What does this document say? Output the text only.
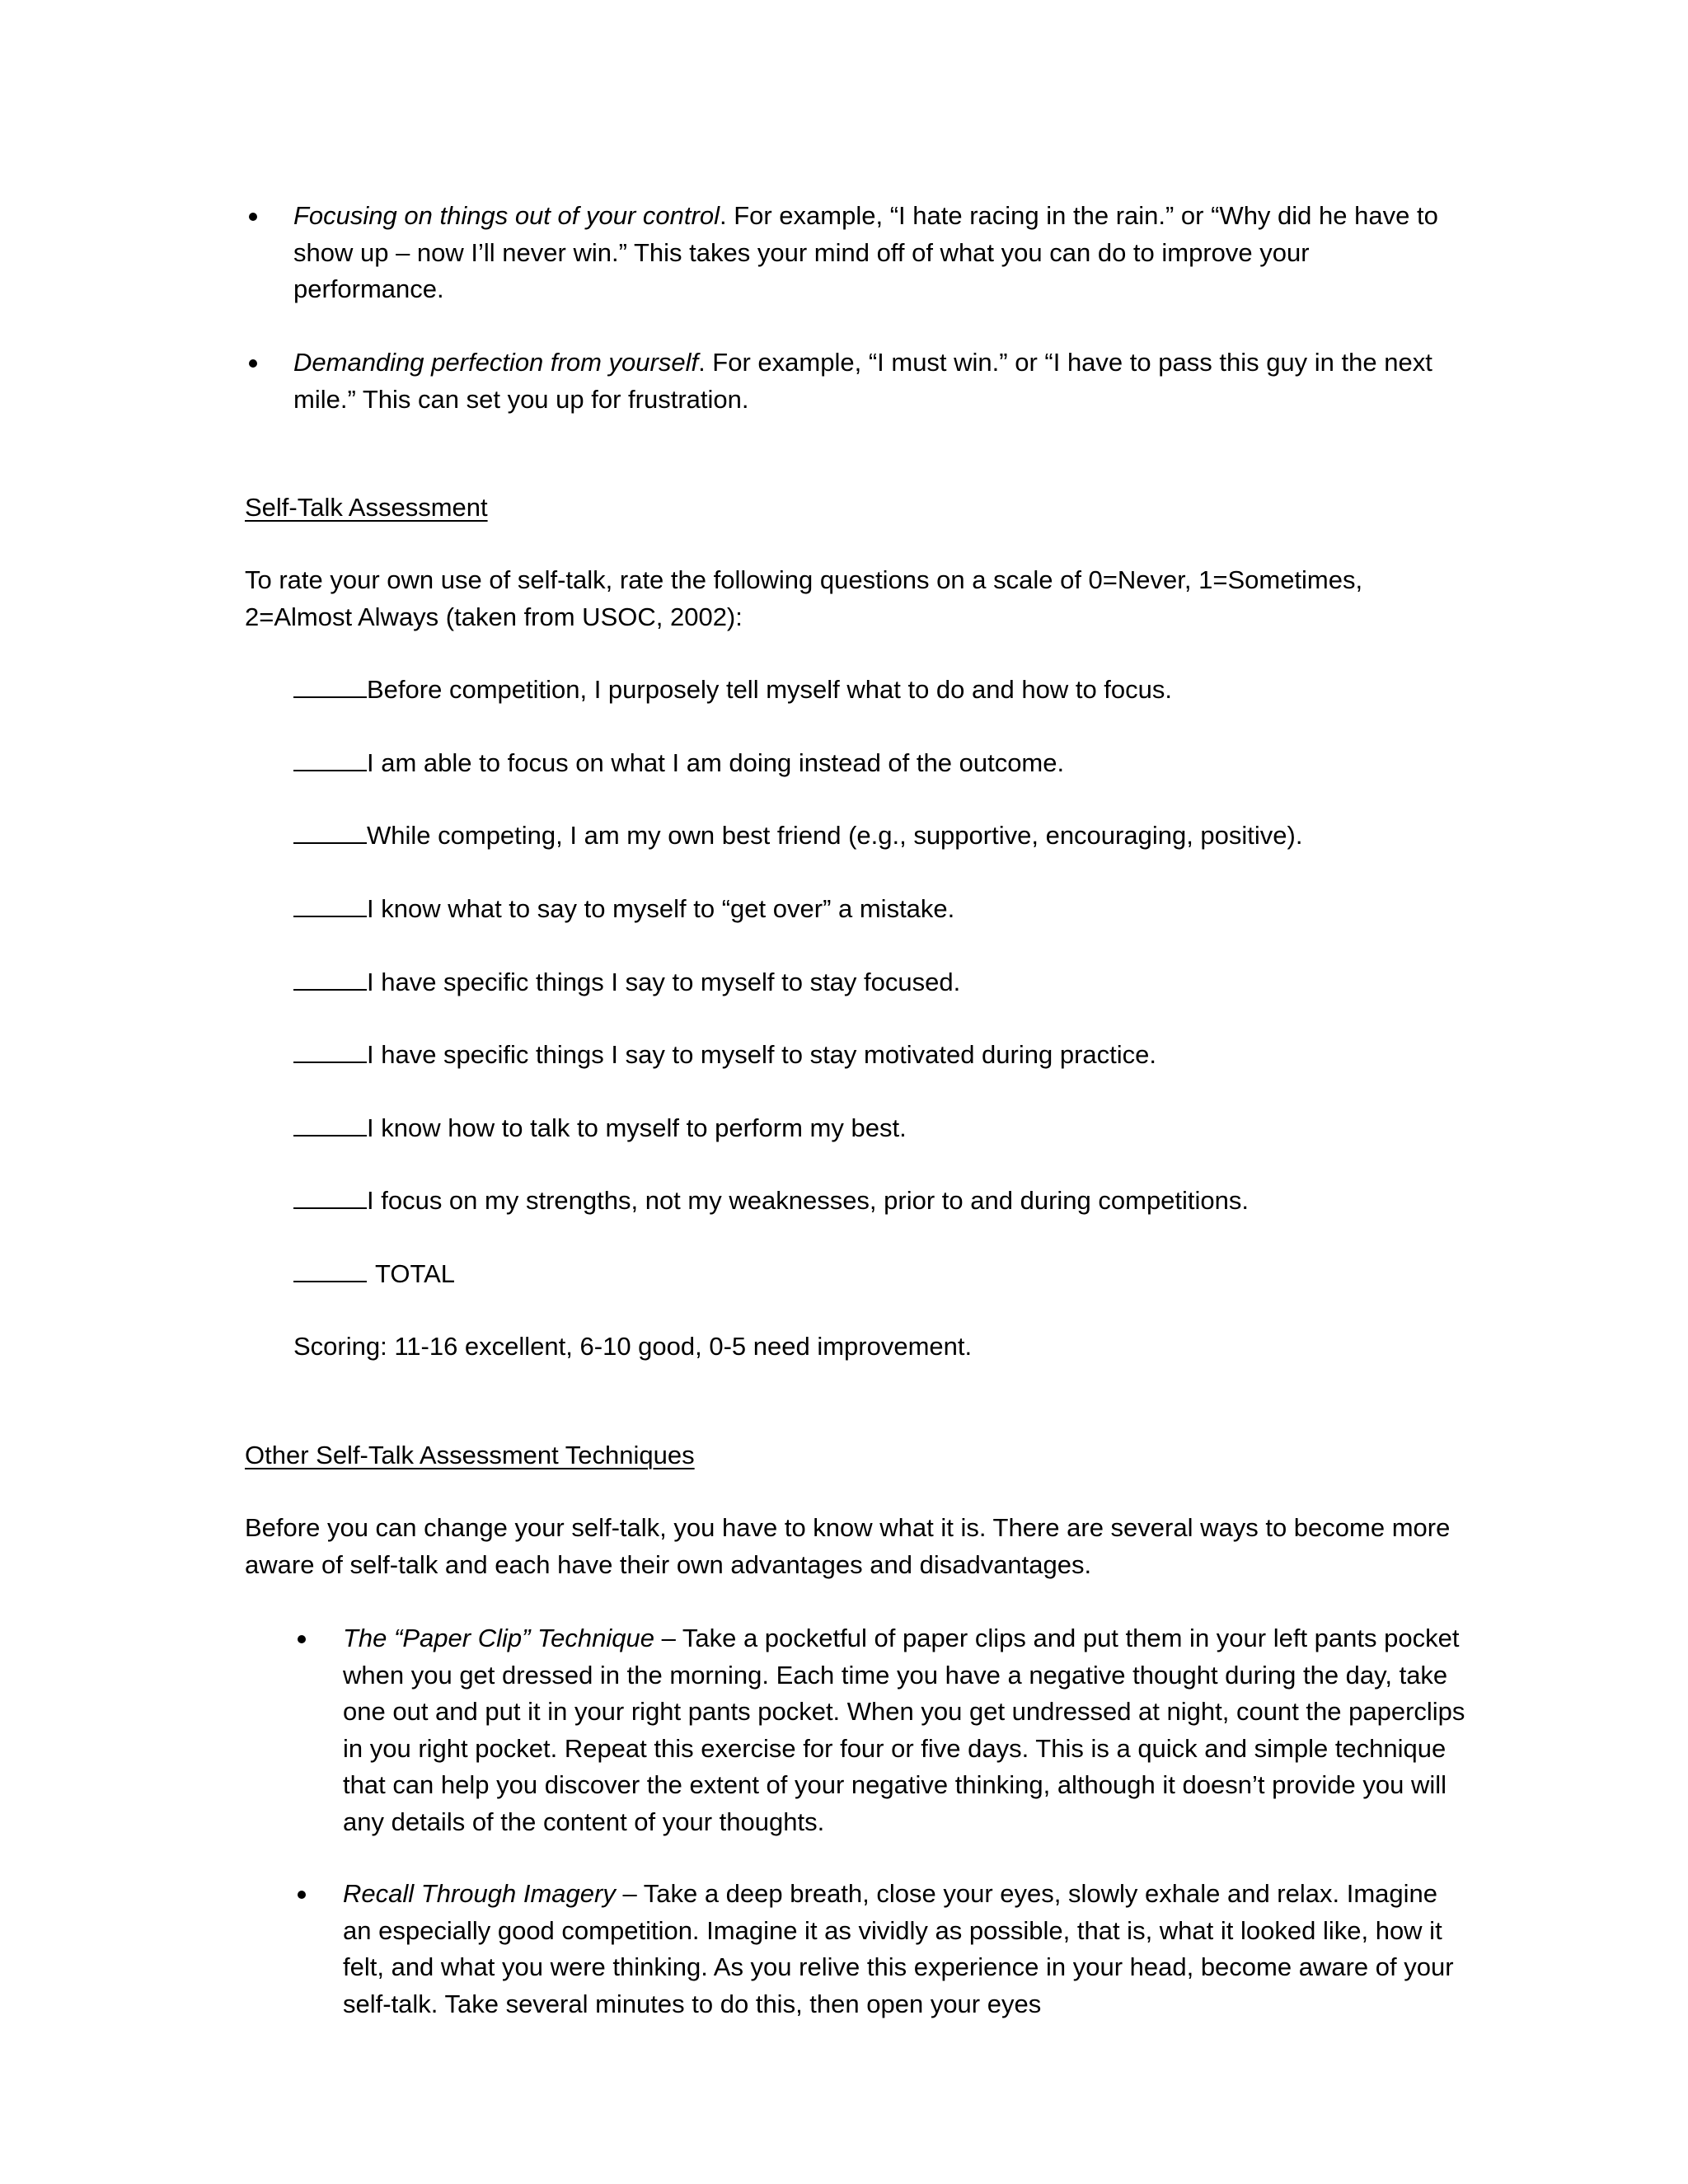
Focusing on things out of your control. For example, “I hate racing in the rain.” or “Why did he have to show up – now I’ll never win.” This takes your mind off of what you can do to improve your performance.

Demanding perfection from yourself. For example, “I must win.” or “I have to pass this guy in the next mile.” This can set you up for frustration.

Self-Talk Assessment

To rate your own use of self-talk, rate the following questions on a scale of 0=Never, 1=Sometimes, 2=Almost Always (taken from USOC, 2002):

Before competition, I purposely tell myself what to do and how to focus.
I am able to focus on what I am doing instead of the outcome.
While competing, I am my own best friend (e.g., supportive, encouraging, positive).
I know what to say to myself to “get over” a mistake.
I have specific things I say to myself to stay focused.
I have specific things I say to myself to stay motivated during practice.
I know how to talk to myself to perform my best.
I focus on my strengths, not my weaknesses, prior to and during competitions.
TOTAL

Scoring: 11-16 excellent, 6-10 good, 0-5 need improvement.

Other Self-Talk Assessment Techniques

Before you can change your self-talk, you have to know what it is. There are several ways to become more aware of self-talk and each have their own advantages and disadvantages.

The “Paper Clip” Technique – Take a pocketful of paper clips and put them in your left pants pocket when you get dressed in the morning. Each time you have a negative thought during the day, take one out and put it in your right pants pocket. When you get undressed at night, count the paperclips in you right pocket. Repeat this exercise for four or five days. This is a quick and simple technique that can help you discover the extent of your negative thinking, although it doesn’t provide you will any details of the content of your thoughts.

Recall Through Imagery – Take a deep breath, close your eyes, slowly exhale and relax. Imagine an especially good competition. Imagine it as vividly as possible, that is, what it looked like, how it felt, and what you were thinking. As you relive this experience in your head, become aware of your self-talk. Take several minutes to do this, then open your eyes
